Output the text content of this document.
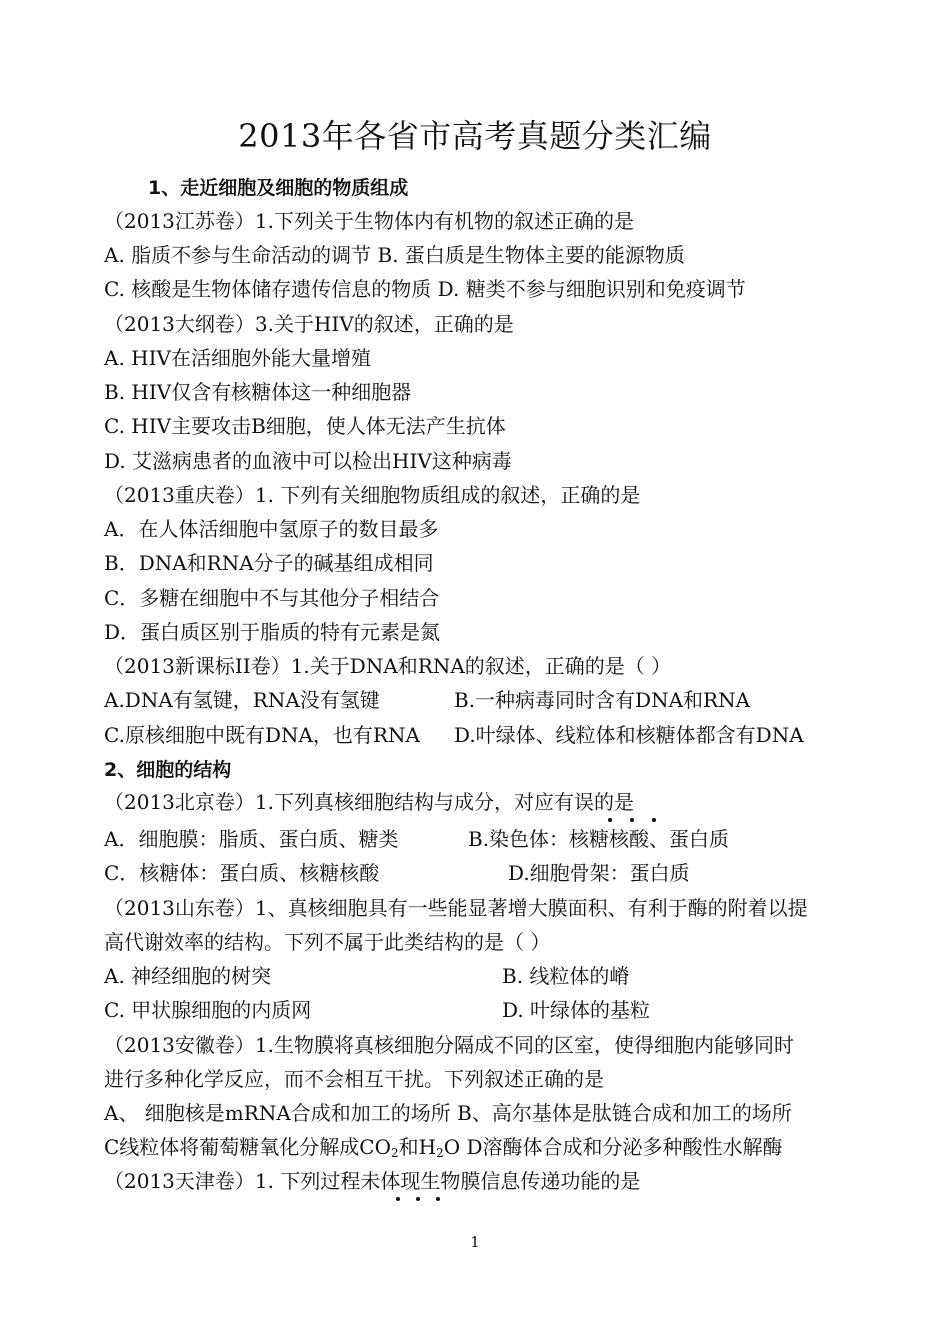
2013年各省市高考真题分类汇编
1、走近细胞及细胞的物质组成
（2013江苏卷）1.下列关于生物体内有机物的叙述正确的是
A. 脂质不参与生命活动的调节 B. 蛋白质是生物体主要的能源物质
C. 核酸是生物体储存遗传信息的物质 D. 糖类不参与细胞识别和免疫调节
（2013大纲卷）3.关于HIV的叙述，正确的是
A. HIV在活细胞外能大量增殖
B. HIV仅含有核糖体这一种细胞器
C. HIV主要攻击B细胞，使人体无法产生抗体
D. 艾滋病患者的血液中可以检出HIV这种病毒
（2013重庆卷）1. 下列有关细胞物质组成的叙述，正确的是
A．在人体活细胞中氢原子的数目最多
B．DNA和RNA分子的碱基组成相同
C．多糖在细胞中不与其他分子相结合
D．蛋白质区别于脂质的特有元素是氮
（2013新课标II卷）1.关于DNA和RNA的叙述，正确的是（ ）
A.DNA有氢键，RNA没有氢键	B.一种病毒同时含有DNA和RNA
C.原核细胞中既有DNA，也有RNA D.叶绿体、线粒体和核糖体都含有DNA
2、细胞的结构
（2013北京卷）1.下列真核细胞结构与成分，对应有误的是
A．细胞膜：脂质、蛋白质、糖类	B.染色体：核糖核酸、蛋白质
C．核糖体：蛋白质、核糖核酸	D.细胞骨架：蛋白质
（2013山东卷）1、真核细胞具有一些能显著增大膜面积、有利于酶的附着以提
高代谢效率的结构。下列不属于此类结构的是（ ）
A. 神经细胞的树突	B. 线粒体的嵴
C. 甲状腺细胞的内质网	D. 叶绿体的基粒
（2013安徽卷）1.生物膜将真核细胞分隔成不同的区室，使得细胞内能够同时
进行多种化学反应，而不会相互干扰。下列叙述正确的是
A、 细胞核是mRNA合成和加工的场所 B、高尔基体是肽链合成和加工的场所
C线粒体将葡萄糖氧化分解成$CO_2$和$H_2O$ D溶酶体合成和分泌多种酸性水解酶
（2013天津卷）1. 下列过程未体现生物膜信息传递功能的是
1
